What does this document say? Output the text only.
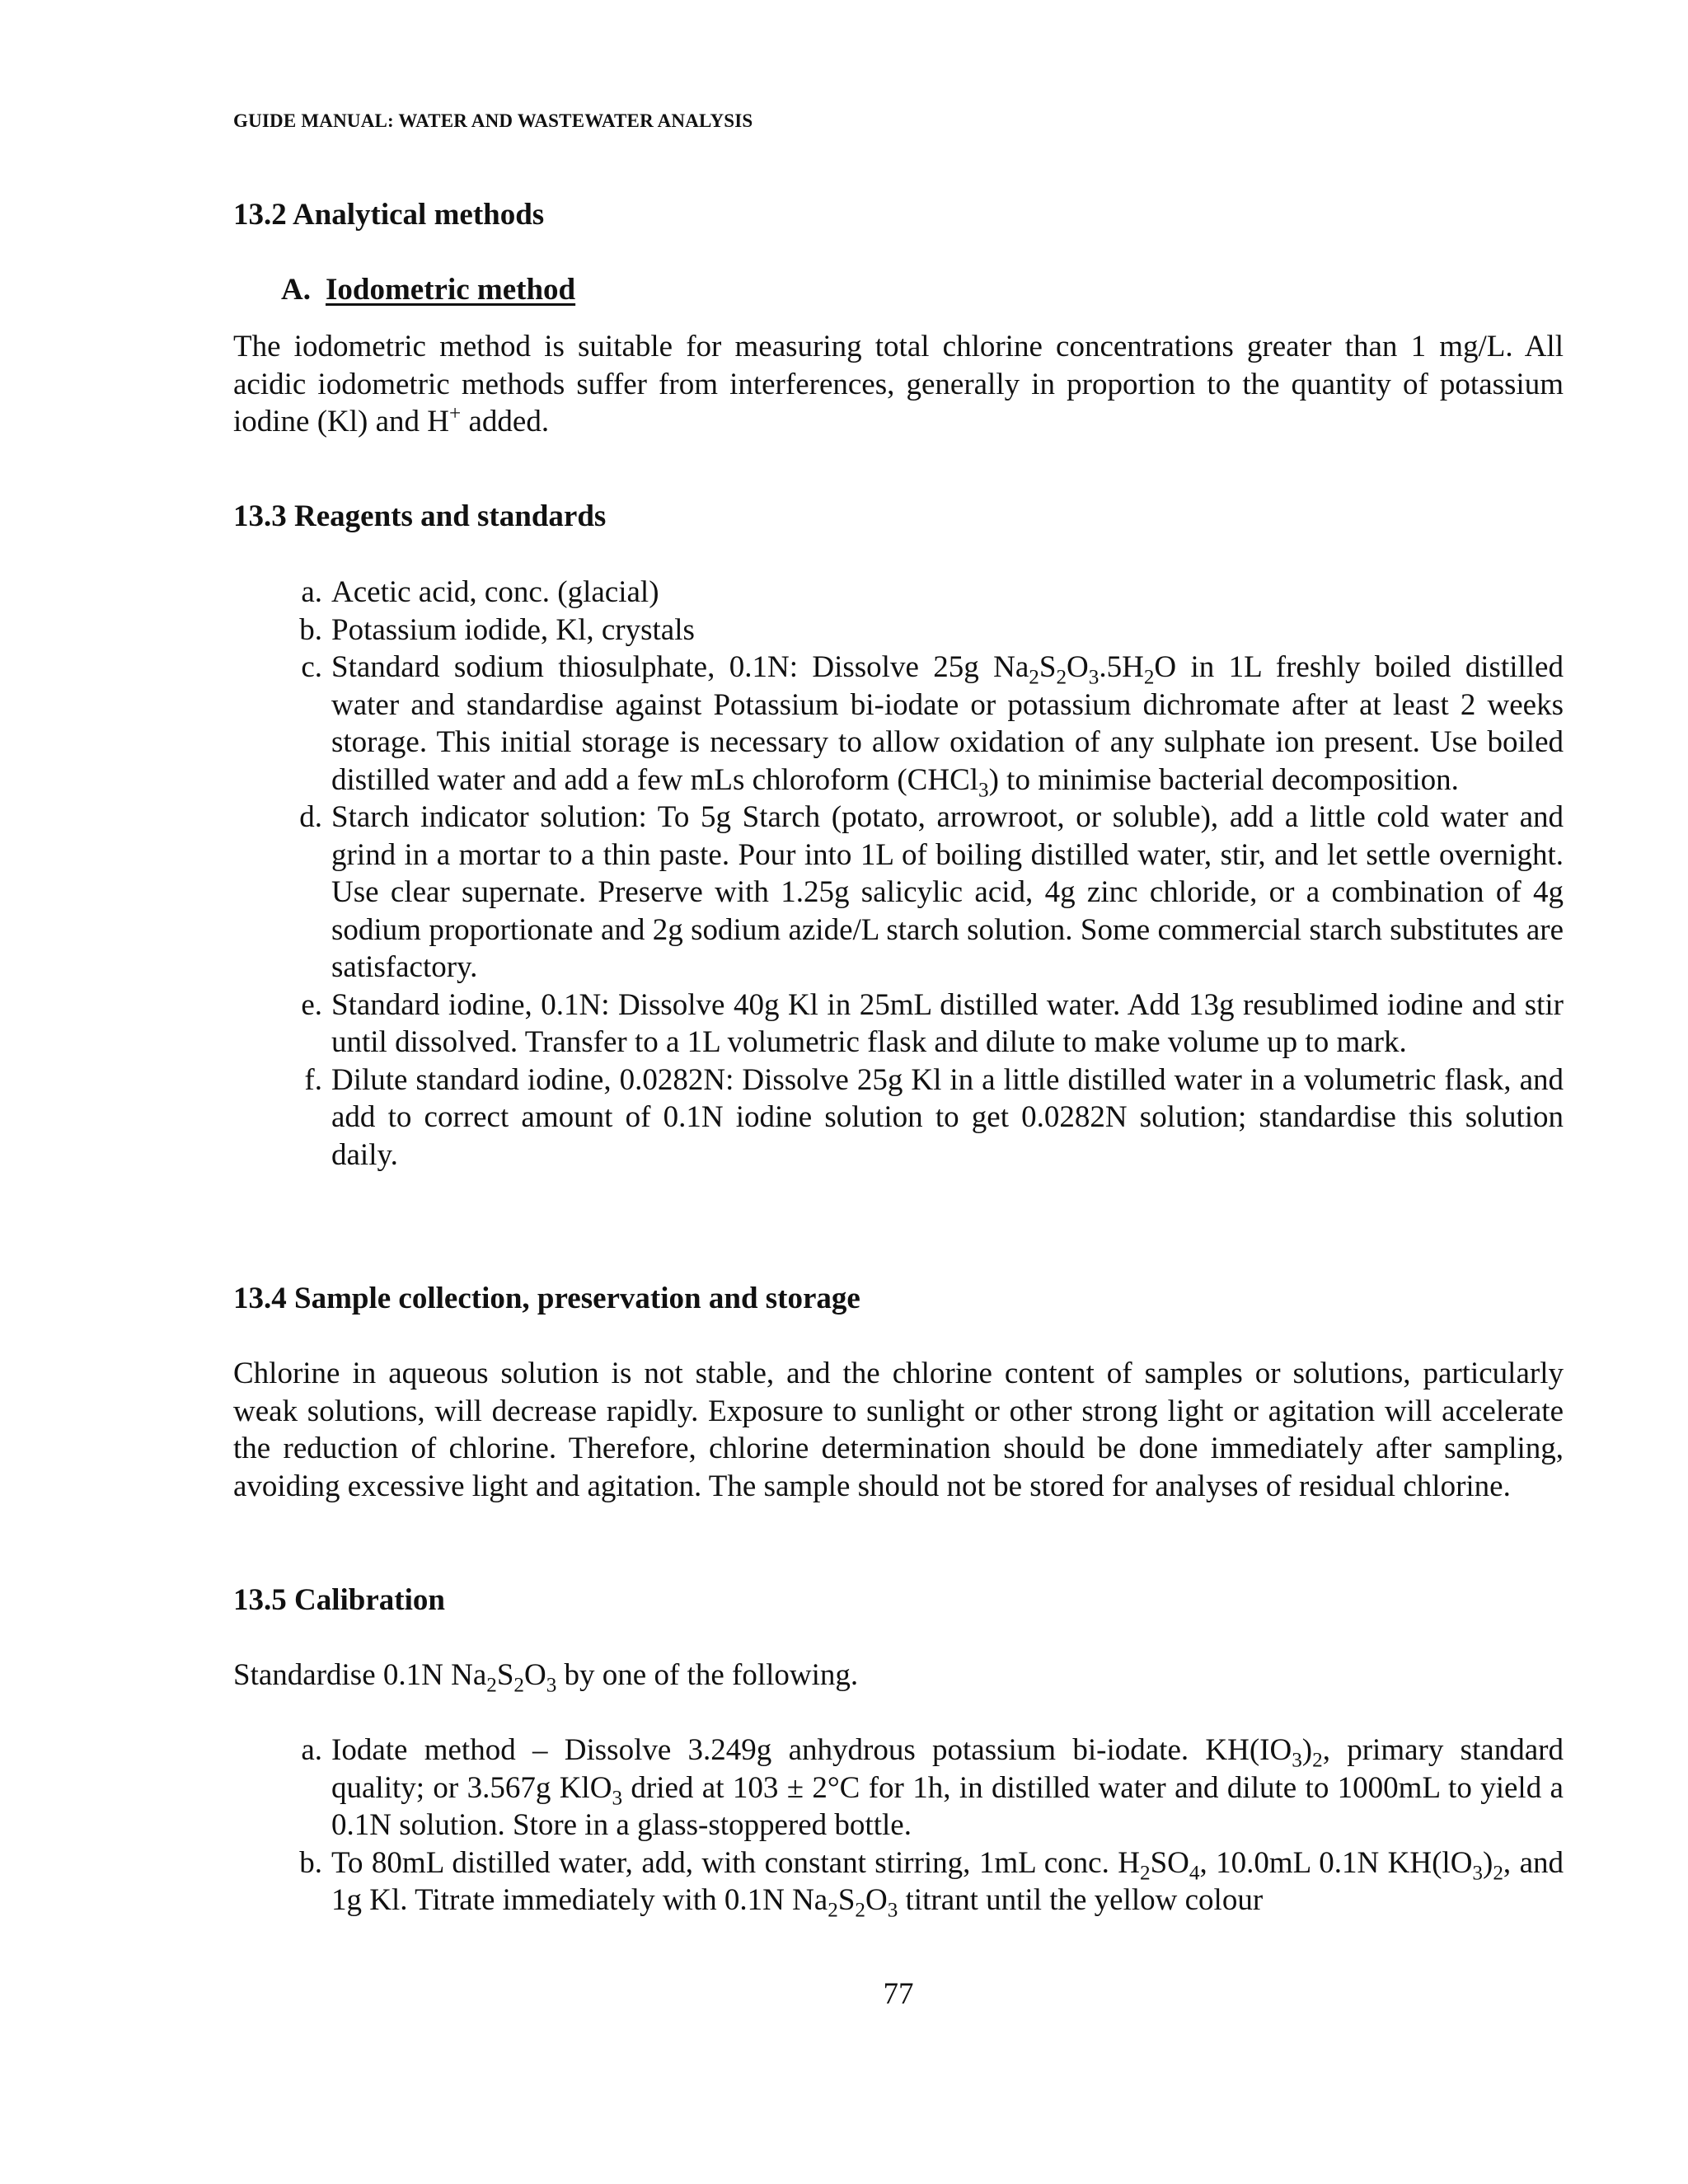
GUIDE MANUAL: WATER AND WASTEWATER ANALYSIS
13.2 Analytical methods
A. Iodometric method

The iodometric method is suitable for measuring total chlorine concentrations greater than 1 mg/L. All acidic iodometric methods suffer from interferences, generally in proportion to the quantity of potassium iodine (Kl) and H+ added.

13.3 Reagents and standards
a. Acetic acid, conc. (glacial)
b. Potassium iodide, Kl, crystals
c. Standard sodium thiosulphate, 0.1N: Dissolve 25g $Na_2S_2O_3.5H_2O$ in 1L freshly boiled distilled water and standardise against Potassium bi-iodate or potassium dichromate after at least 2 weeks storage. This initial storage is necessary to allow oxidation of any sulphate ion present. Use boiled distilled water and add a few mLs chloroform (CHCl$_3$) to minimise bacterial decomposition.
d. Starch indicator solution: To 5g Starch (potato, arrowroot, or soluble), add a little cold water and grind in a mortar to a thin paste. Pour into 1L of boiling distilled water, stir, and let settle overnight. Use clear supernate. Preserve with 1.25g salicylic acid, 4g zinc chloride, or a combination of 4g sodium proportionate and 2g sodium azide/L starch solution. Some commercial starch substitutes are satisfactory.
e. Standard iodine, 0.1N: Dissolve 40g Kl in 25mL distilled water. Add 13g resublimed iodine and stir until dissolved. Transfer to a 1L volumetric flask and dilute to make volume up to mark.
f. Dilute standard iodine, 0.0282N: Dissolve 25g Kl in a little distilled water in a volumetric flask, and add to correct amount of 0.1N iodine solution to get 0.0282N solution; standardise this solution daily.
13.4 Sample collection, preservation and storage

Chlorine in aqueous solution is not stable, and the chlorine content of samples or solutions, particularly weak solutions, will decrease rapidly. Exposure to sunlight or other strong light or agitation will accelerate the reduction of chlorine. Therefore, chlorine determination should be done immediately after sampling, avoiding excessive light and agitation. The sample should not be stored for analyses of residual chlorine.

13.5 Calibration

Standardise 0.1N $Na_2S_2O_3$ by one of the following.

a. Iodate method – Dissolve 3.249g anhydrous potassium bi-iodate. $KH(IO_3)_2$, primary standard quality; or 3.567g KlO$_3$ dried at 103 ± 2°C for 1h, in distilled water and dilute to 1000mL to yield a 0.1N solution. Store in a glass-stoppered bottle.
b. To 80mL distilled water, add, with constant stirring, 1mL conc. $H_2SO_4$, 10.0mL 0.1N $KH(lO_3)_2$, and 1g Kl. Titrate immediately with 0.1N $Na_2S_2O_3$ titrant until the yellow colour
77
